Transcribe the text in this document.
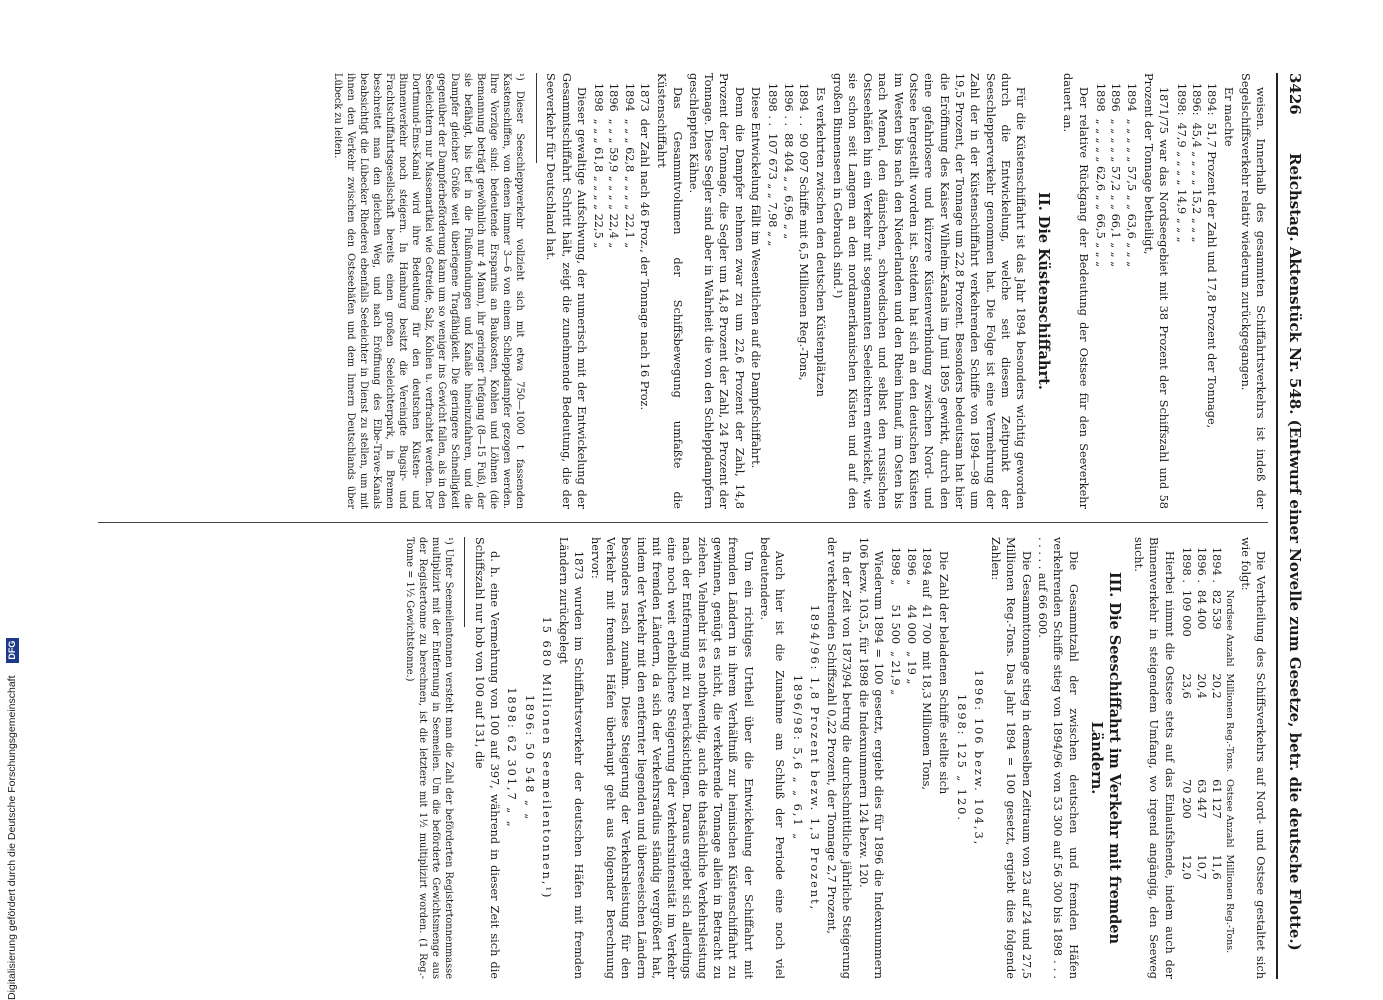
Digitalisierung gefördert durch die Deutsche Forschungsgemeinschaft DFG
3426
Reichstag. Aktenstück Nr. 548. (Entwurf einer Novelle zum Gesetze, betr. die deutsche Flotte.)

weisen. Innerhalb des gesammten Schiffahrtsverkehrs ist indeß der Segelschiffsverkehr relativ wiederum zurückgegangen.

Er machte

1894:	51,7 Prozent der Zahl und 17,8 Prozent der Tonnage,
1896:	45,4 „ „ „ „ 15,2 „ „ „
1898:	47,9 „ „ „ „ 14,9 „ „ „

1871/75 war das Nordseegebiet mit 38 Prozent der Schiffszahl und 58 Prozent der Tonnage betheiligt,

1894	„ „ „ „ „ 57,5 „ „ 63,6 „ „ „
1896	„ „ „ „ „ 57,2 „ „ 66,1 „ „ „
1898	„ „ „ „ „ 62,6 „ „ 66,5 „ „ „

Der relative Rückgang der Bedeutung der Ostsee für den Seeverkehr dauert an.

II. Die Küstenschiffahrt.

Für die Küstenschiffahrt ist das Jahr 1894 besonders wichtig geworden durch die Entwickelung, welche seit diesem Zeitpunkt der Seeschlepperverkehr genommen hat. Die Folge ist eine Vermehrung der Zahl der in der Küstenschiffahrt verkehrenden Schiffe von 1894—98 um 19,5 Prozent, der Tonnage um 22,8 Prozent. Besonders bedeutsam hat hier die Eröffnung des Kaiser Wilhelm-Kanals im Juni 1895 gewirkt, durch den eine gefahrlosere und kürzere Küstenverbindung zwischen Nord- und Ostsee hergestellt worden ist. Seitdem hat sich an den deutschen Küsten im Westen bis nach den Niederlanden und den Rhein hinauf, im Osten bis nach Memel, den dänischen, schwedischen und selbst den russischen Ostseehäfen hin ein Verkehr mit sogenannten Seeleichtern entwickelt, wie sie schon seit Langem an den nordamerikanischen Küsten und auf den großen Binnenseen in Gebrauch sind.¹)

Es verkehrten zwischen den deutschen Küstenplätzen

1894 . .	90 097 Schiffe mit 6,5 Millionen Reg.-Tons,
1896 . .	88 404 „ „ 6,96 „ „
1898 . .	107 673 „ „ 7,98 „ „

Diese Entwickelung fällt im Wesentlichen auf die Dampfschiffahrt.

Denn die Dampfer nehmen zwar zu um 22,6 Prozent der Zahl, 14,8 Prozent der Tonnage, die Segler um 14,8 Prozent der Zahl, 24 Prozent der Tonnage. Diese Segler sind aber in Wahrheit die von den Schleppdampfern geschleppten Kähne.

Das Gesammtvolumen der Schiffsbewegung umfaßte die Küstenschiffahrt

1873	der Zahl nach 46 Proz., der Tonnage nach 16 Proz.
1894	„ „ „ 62,8 „ „ „ „ 22,1 „
1896	„ „ „ 59,9 „ „ „ „ 22,4 „
1898	„ „ „ 61,8 „ „ „ „ 22,5 „

Dieser gewaltige Aufschwung, der numerisch mit der Entwickelung der Gesammtschiffahrt Schritt hält, zeigt die zunehmende Bedeutung, die der Seeverkehr für Deutschland hat.

¹) Dieser Seeschleppverkehr vollzieht sich mit etwa 750—1000 t fassenden Kastenschiffen, von denen immer 3—6 von einem Schleppdampfer gezogen werden. Ihre Vorzüge sind: bedeutende Ersparnis an Baukosten, Kohlen und Löhnen (die Bemannung beträgt gewöhnlich nur 4 Mann), ihr geringer Tiefgang (8—15 Fuß), der sie befähigt, bis tief in die Flußmündungen und Kanäle hineinzufahren, und die Dampfer gleicher Größe weit überlegene Tragfähigkeit. Die geringere Schnelligkeit gegenüber der Dampferbeförderung kann um so weniger ins Gewicht fallen, als in den Seeleichtern nur Massenartikel wie Getreide, Salz, Kohlen u. verfrachtet werden. Der Dortmund-Ems-Kanal wird ihre Bedeutung für den deutschen Küsten- und Binnenverkehr noch steigern. In Hamburg besitzt die Vereinigte Bugsir- und Frachtschiffahrtsgesellschaft bereits einen großen Seeleichterpark, in Bremen beschreitet man den gleichen Weg, und nach Eröffnung des Elbe-Trave-Kanals beabsichtigt die Lübecker Rhederei ebenfalls Seeleichter in Dienst zu stellen, um mit ihnen den Verkehr zwischen den Ostseehäfen und dem Innern Deutschlands über Lübeck zu leiten.

Die Vertheilung des Schiffsverkehrs auf Nord- und Ostsee gestaltet sich wie folgt:

	Nordsee Anzahl	Millionen Reg.-Tons.	Ostsee Anzahl	Millionen Reg.-Tons.
1894 .	82 539	20,2	61 127	11,6
1896 .	84 400	20,4	63 447	10,7
1898 .	109 000	23,6	70 200	12,0

Hierbei nimmt die Ostsee stets auf das Einlaufshende, indem auch der Binnenverkehr in steigendem Umfang, wo irgend angängig, den Seeweg sucht.

III. Die Seeschiffahrt im Verkehr mit fremden Ländern.

Die Gesammtzahl der zwischen deutschen und fremden Häfen verkehrenden Schiffe stieg von 1894/96 von 53 300 auf 56 300 bis 1898 . . . . . . . . auf 66 600.

Die Gesammttonnage stieg in demselben Zeitraum von 23 auf 24 und 27,5 Millionen Reg.-Tons. Das Jahr 1894 = 100 gesetzt, ergiebt dies folgende Zahlen:

1896: 106 bezw. 104,3,
1898: 125 „ 120.

Die Zahl der beladenen Schiffe stellte sich

1894 auf	41 700	mit 18,3 Millionen Tons,
1896 „	44 000	„ 19 „
1898 „	51 500	„ 21,9 „

Wiederum 1894 = 100 gesetzt, ergiebt dies für 1896 die Indexnummern 106 bezw. 103,5, für 1898 die Indexnummern 124 bezw. 120.

In der Zeit von 1873/94 betrug die durchschnittliche jährliche Steigerung der verkehrenden Schiffszahl 0,22 Prozent, der Tonnage 2,7 Prozent,

1894/96: 1,8 Prozent bezw. 1,3 Prozent,
1896/98: 5,6 „ „ 6,1 „

Auch hier ist die Zunahme am Schluß der Periode eine noch viel bedeutendere.

Um ein richtiges Urtheil über die Entwickelung der Schiffahrt mit fremden Ländern in ihrem Verhältniß zur heimischen Küstenschiffahrt zu gewinnen, genügt es nicht, die verkehrende Tonnage allein in Betracht zu ziehen. Vielmehr ist es nothwendig, auch die thatsächliche Verkehrsleistung nach der Entfernung mit zu berücksichtigen. Daraus ergiebt sich allerdings eine noch weit erheblichere Steigerung der Verkehrsintensität im Verkehr mit fremden Ländern, da sich der Verkehrsradius ständig vergrößert hat, indem der Verkehr mit den entfernter liegenden und überseeischen Ländern besonders rasch zunahm. Diese Steigerung der Verkehrsleistung für den Verkehr mit fremden Häfen überhaupt geht aus folgender Berechnung hervor:

1873 wurden im Schiffahrtsverkehr der deutschen Häfen mit fremden Ländern zurückgelegt

15 680 Millionen Seemeilentonnen,¹)
1896: 50 548 „ „
1898: 62 301,7 „ „

d. h. eine Vermehrung von 100 auf 397, während in dieser Zeit sich die Schiffszahl nur hob von 100 auf 131, die

¹) Unter Seemeilentonnen versteht man die Zahl der beförderten Registertonnenmasse multiplizirt mit der Entfernung in Seemeilen. Um die beförderte Gewichtsmenge aus der Registertonne zu berechnen, ist die letztere mit 1½ multiplizirt worden. (1 Reg.-Tonne = 1½ Gewichtstonne.)
